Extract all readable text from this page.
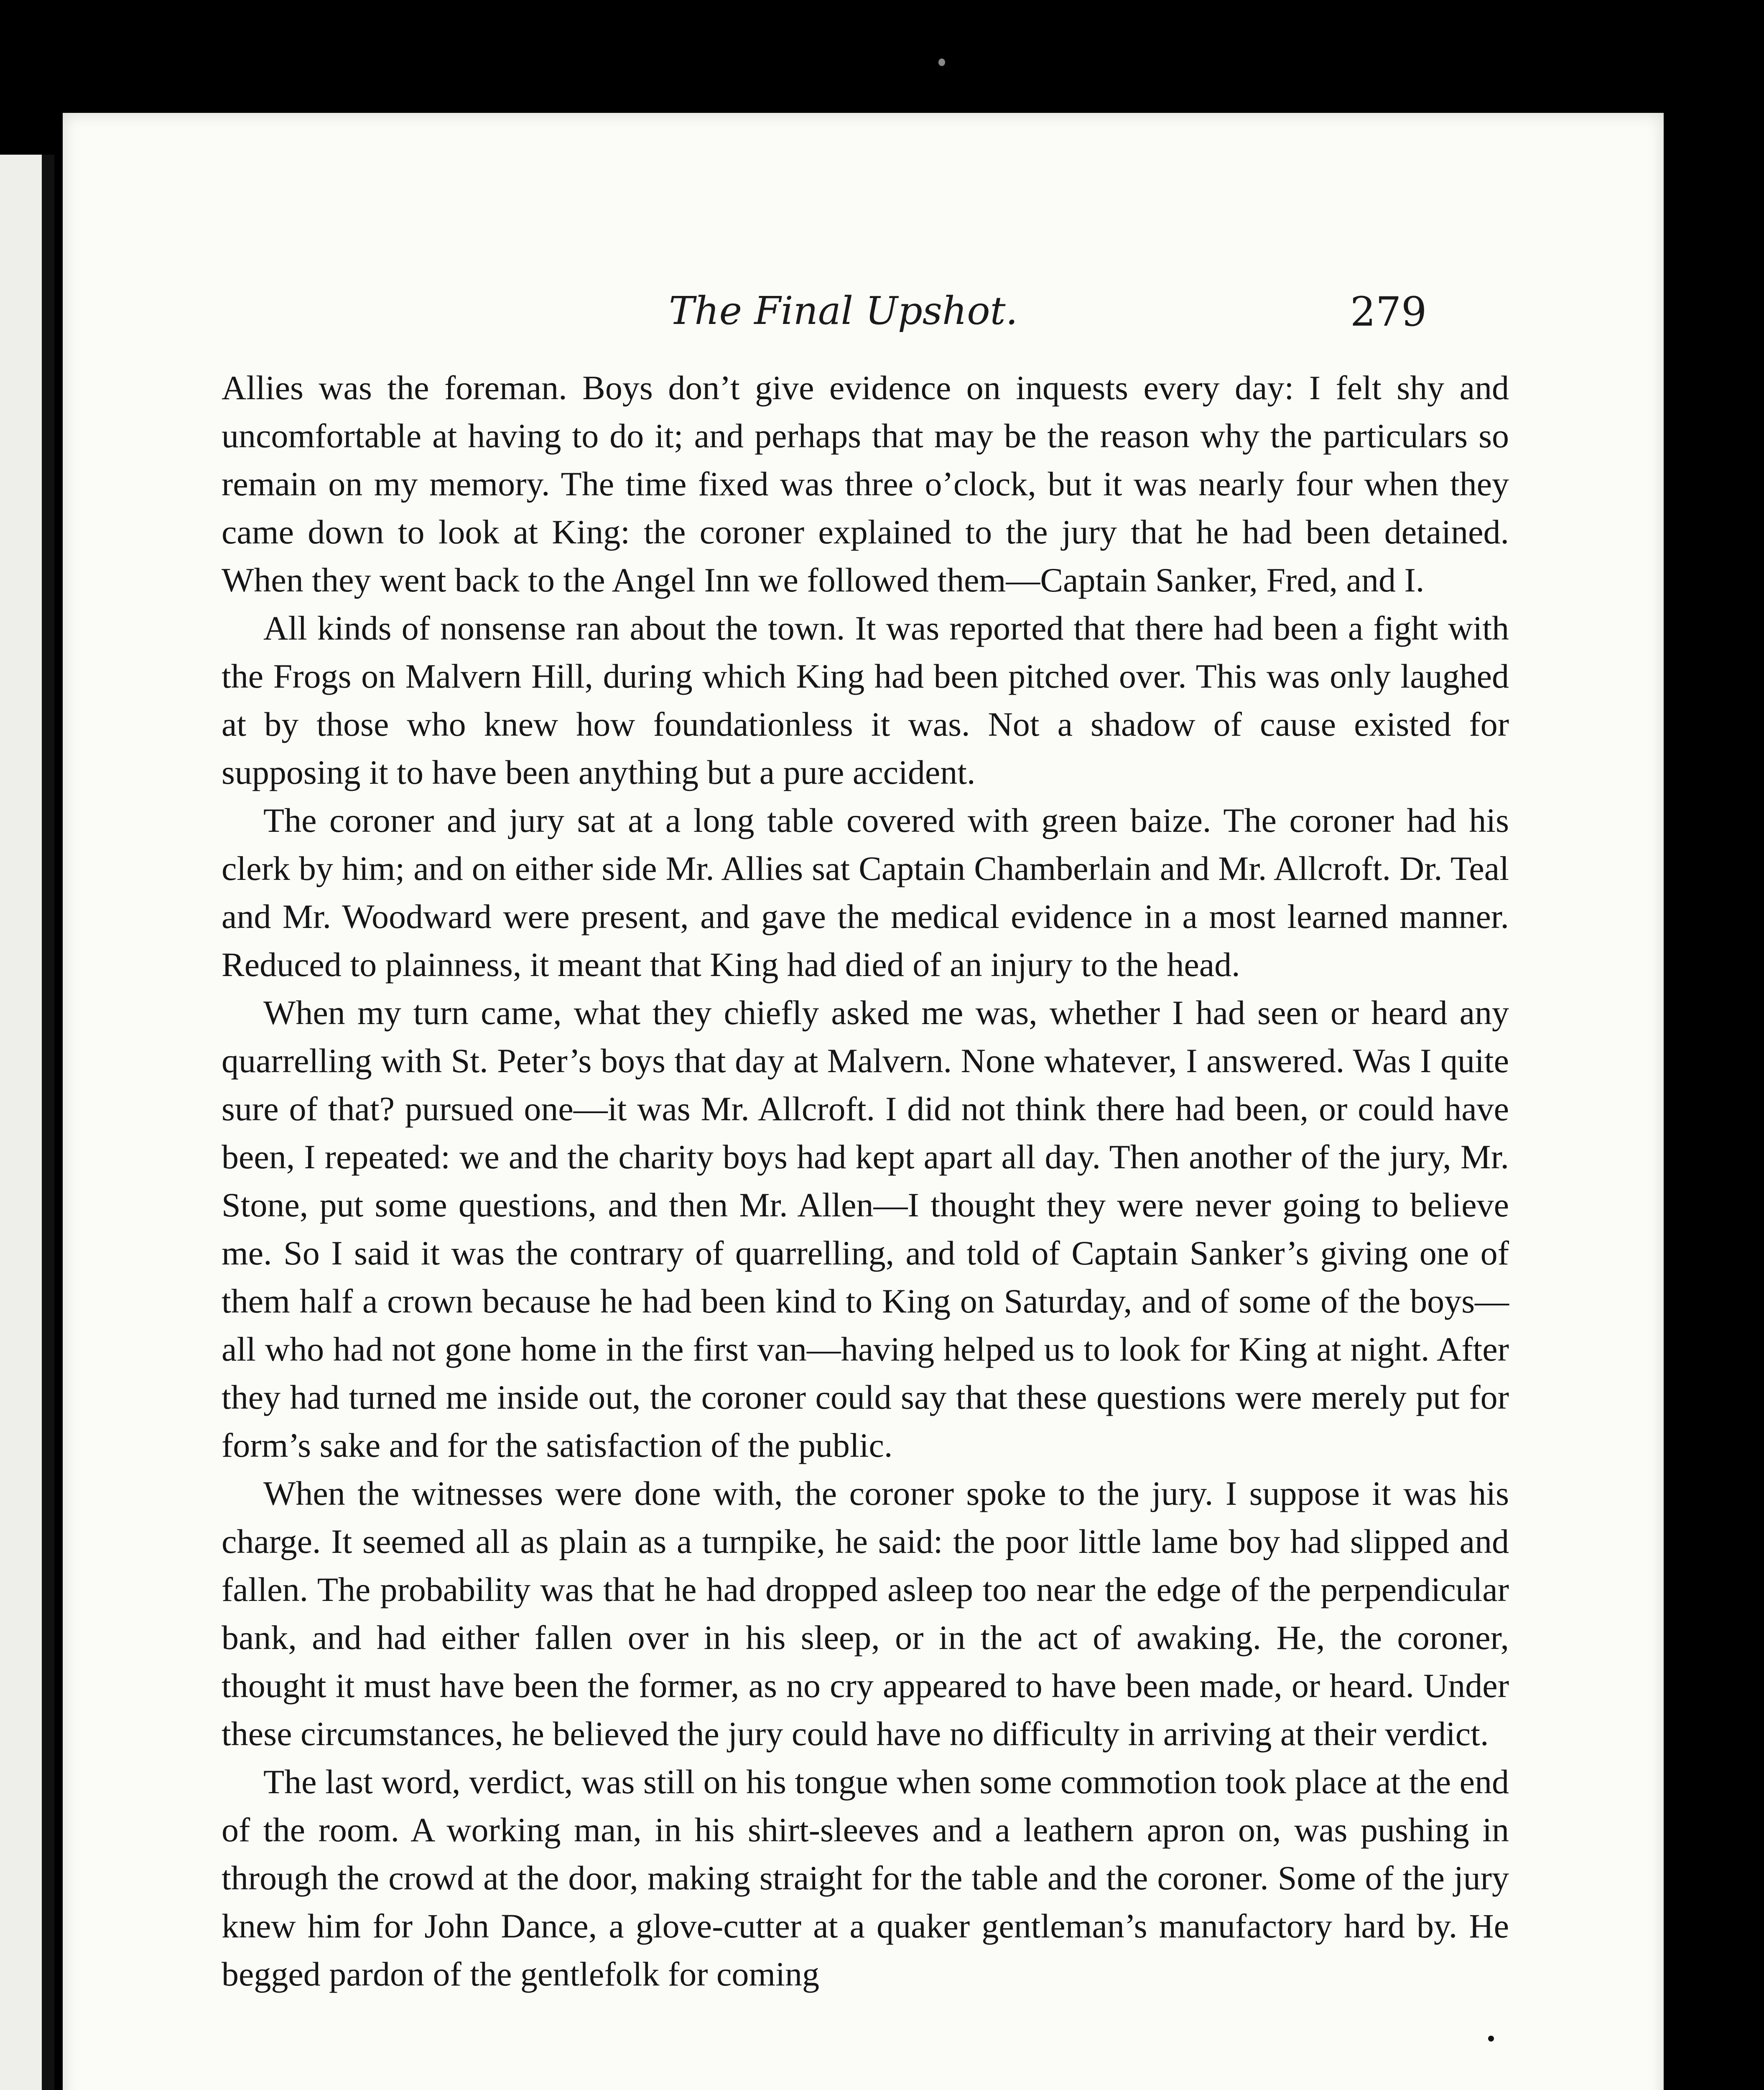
The Final Upshot.	279

Allies was the foreman. Boys don’t give evidence on inquests every day: I felt shy and uncomfortable at having to do it; and perhaps that may be the reason why the particulars so remain on my memory. The time fixed was three o’clock, but it was nearly four when they came down to look at King: the coroner explained to the jury that he had been detained. When they went back to the Angel Inn we followed them—Captain Sanker, Fred, and I.

All kinds of nonsense ran about the town. It was reported that there had been a fight with the Frogs on Malvern Hill, during which King had been pitched over. This was only laughed at by those who knew how foundationless it was. Not a shadow of cause existed for supposing it to have been anything but a pure accident.

The coroner and jury sat at a long table covered with green baize. The coroner had his clerk by him; and on either side Mr. Allies sat Captain Chamberlain and Mr. Allcroft. Dr. Teal and Mr. Woodward were present, and gave the medical evidence in a most learned manner. Reduced to plainness, it meant that King had died of an injury to the head.

When my turn came, what they chiefly asked me was, whether I had seen or heard any quarrelling with St. Peter’s boys that day at Malvern. None whatever, I answered. Was I quite sure of that? pursued one—it was Mr. Allcroft. I did not think there had been, or could have been, I repeated: we and the charity boys had kept apart all day. Then another of the jury, Mr. Stone, put some questions, and then Mr. Allen—I thought they were never going to believe me. So I said it was the contrary of quarrelling, and told of Captain Sanker’s giving one of them half a crown because he had been kind to King on Saturday, and of some of the boys—all who had not gone home in the first van—having helped us to look for King at night. After they had turned me inside out, the coroner could say that these questions were merely put for form’s sake and for the satisfaction of the public.

When the witnesses were done with, the coroner spoke to the jury. I suppose it was his charge. It seemed all as plain as a turnpike, he said: the poor little lame boy had slipped and fallen. The probability was that he had dropped asleep too near the edge of the perpendicular bank, and had either fallen over in his sleep, or in the act of awaking. He, the coroner, thought it must have been the former, as no cry appeared to have been made, or heard. Under these circumstances, he believed the jury could have no difficulty in arriving at their verdict.

The last word, verdict, was still on his tongue when some commotion took place at the end of the room. A working man, in his shirt-sleeves and a leathern apron on, was pushing in through the crowd at the door, making straight for the table and the coroner. Some of the jury knew him for John Dance, a glove-cutter at a quaker gentleman’s manufactory hard by. He begged pardon of the gentlefolk for coming
